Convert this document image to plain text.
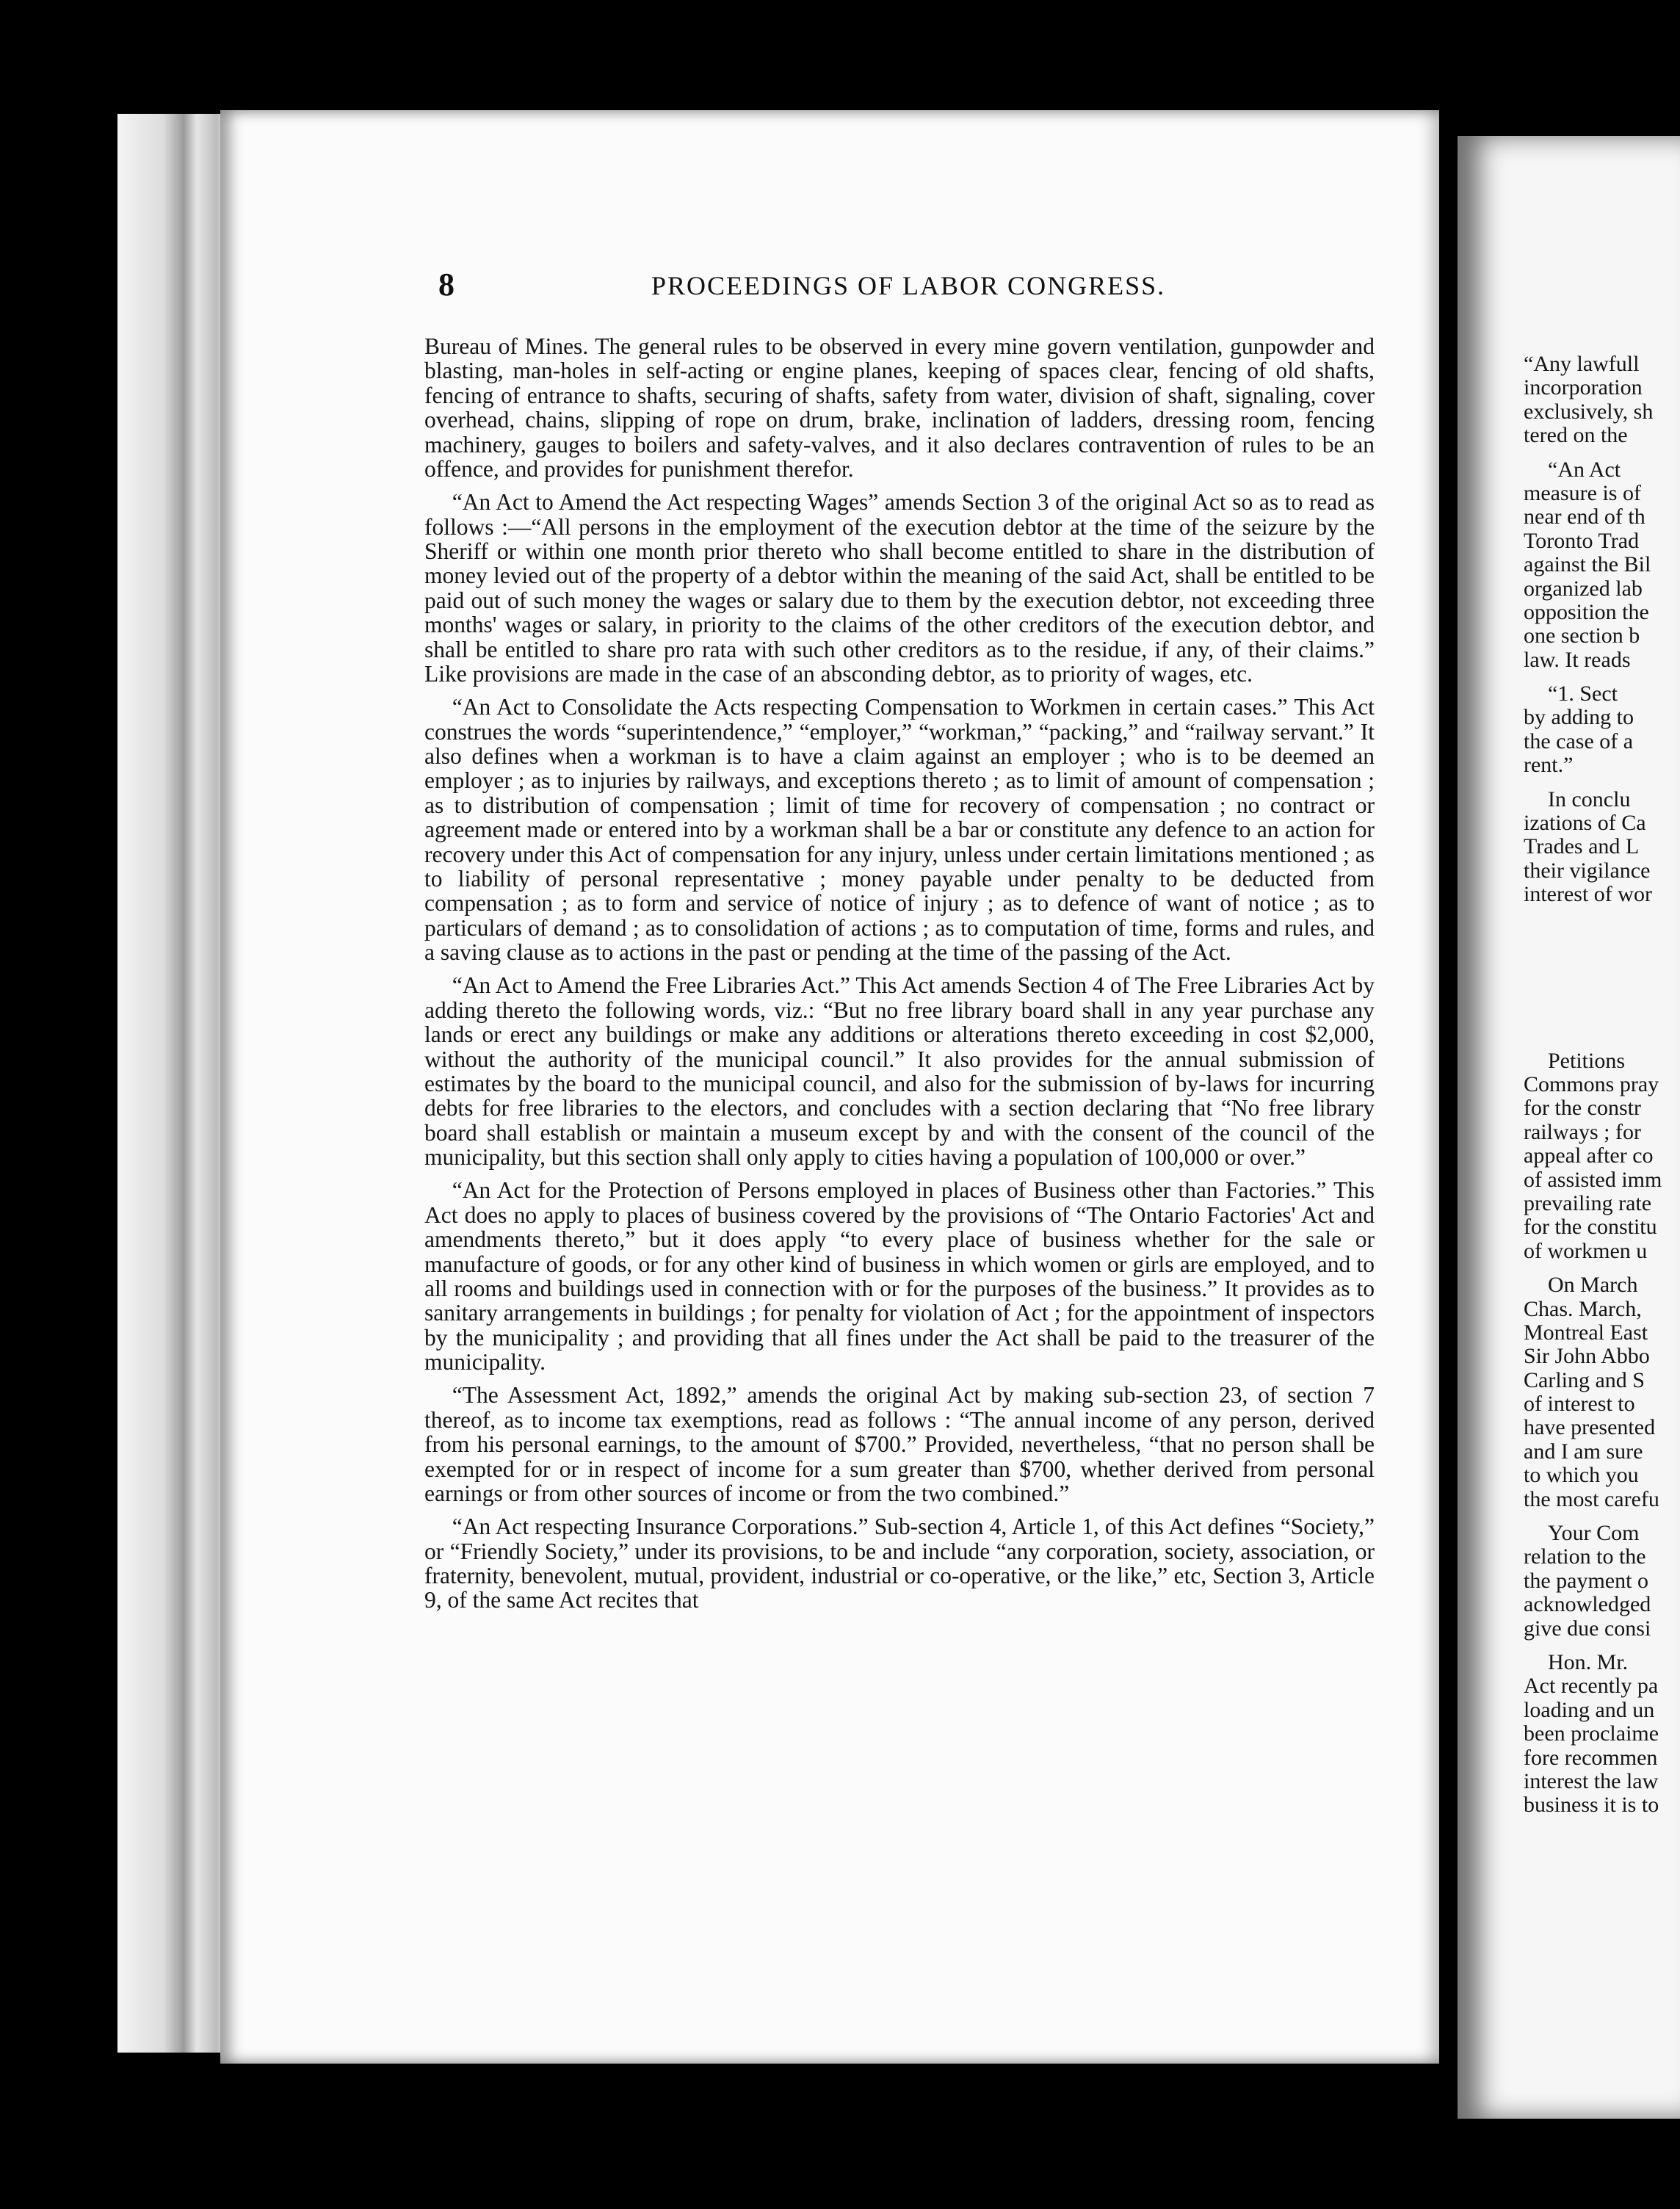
8	PROCEEDINGS OF LABOR CONGRESS.

Bureau of Mines. The general rules to be observed in every mine govern ventilation, gunpowder and blasting, man-holes in self-acting or engine planes, keeping of spaces clear, fencing of old shafts, fencing of entrance to shafts, securing of shafts, safety from water, division of shaft, signaling, cover overhead, chains, slipping of rope on drum, brake, inclination of ladders, dressing room, fencing machinery, gauges to boilers and safety-valves, and it also declares contravention of rules to be an offence, and provides for punishment therefor.

“An Act to Amend the Act respecting Wages” amends Section 3 of the original Act so as to read as follows :—“All persons in the employment of the execution debtor at the time of the seizure by the Sheriff or within one month prior thereto who shall become entitled to share in the distribution of money levied out of the property of a debtor within the meaning of the said Act, shall be entitled to be paid out of such money the wages or salary due to them by the execution debtor, not exceeding three months' wages or salary, in priority to the claims of the other creditors of the execution debtor, and shall be entitled to share pro rata with such other creditors as to the residue, if any, of their claims.” Like provisions are made in the case of an absconding debtor, as to priority of wages, etc.

“An Act to Consolidate the Acts respecting Compensation to Workmen in certain cases.” This Act construes the words “superintendence,” “employer,” “workman,” “packing,” and “railway servant.” It also defines when a workman is to have a claim against an employer ; who is to be deemed an employer ; as to injuries by railways, and exceptions thereto ; as to limit of amount of compensation ; as to distribution of compensation ; limit of time for recovery of compensation ; no contract or agreement made or entered into by a workman shall be a bar or constitute any defence to an action for recovery under this Act of compensation for any injury, unless under certain limitations mentioned ; as to liability of personal representative ; money payable under penalty to be deducted from compensation ; as to form and service of notice of injury ; as to defence of want of notice ; as to particulars of demand ; as to consolidation of actions ; as to computation of time, forms and rules, and a saving clause as to actions in the past or pending at the time of the passing of the Act.

“An Act to Amend the Free Libraries Act.” This Act amends Section 4 of The Free Libraries Act by adding thereto the following words, viz.: “But no free library board shall in any year purchase any lands or erect any buildings or make any additions or alterations thereto exceeding in cost $2,000, without the authority of the municipal council.” It also provides for the annual submission of estimates by the board to the municipal council, and also for the submission of by-laws for incurring debts for free libraries to the electors, and concludes with a section declaring that “No free library board shall establish or maintain a museum except by and with the consent of the council of the municipality, but this section shall only apply to cities having a population of 100,000 or over.”

“An Act for the Protection of Persons employed in places of Business other than Factories.” This Act does no apply to places of business covered by the provisions of “The Ontario Factories' Act and amendments thereto,” but it does apply “to every place of business whether for the sale or manufacture of goods, or for any other kind of business in which women or girls are employed, and to all rooms and buildings used in connection with or for the purposes of the business.” It provides as to sanitary arrangements in buildings ; for penalty for violation of Act ; for the appointment of inspectors by the municipality ; and providing that all fines under the Act shall be paid to the treasurer of the municipality.

“The Assessment Act, 1892,” amends the original Act by making sub-section 23, of section 7 thereof, as to income tax exemptions, read as follows : “The annual income of any person, derived from his personal earnings, to the amount of $700.” Provided, nevertheless, “that no person shall be exempted for or in respect of income for a sum greater than $700, whether derived from personal earnings or from other sources of income or from the two combined.”

“An Act respecting Insurance Corporations.” Sub-section 4, Article 1, of this Act defines “Society,” or “Friendly Society,” under its provisions, to be and include “any corporation, society, association, or fraternity, benevolent, mutual, provident, industrial or co-operative, or the like,” etc, Section 3, Article 9, of the same Act recites that

“Any lawfull
incorporation
exclusively, sh
tered on the
“An Act
measure is of
near end of th
Toronto Trad
against the Bil
organized lab
opposition the
one section b
law. It reads
“1. Sect
by adding to
the case of a
rent.”
In conclu
izations of Ca
Trades and L
their vigilance
interest of wor
Petitions
Commons pray
for the constr
railways ; for
appeal after co
of assisted imm
prevailing rate
for the constitu
of workmen u
On March
Chas. March,
Montreal East
Sir John Abbo
Carling and S
of interest to
have presented
and I am sure
to which you
the most carefu
Your Com
relation to the
the payment o
acknowledged
give due consi
Hon. Mr.
Act recently pa
loading and un
been proclaime
fore recommen
interest the law
business it is to
